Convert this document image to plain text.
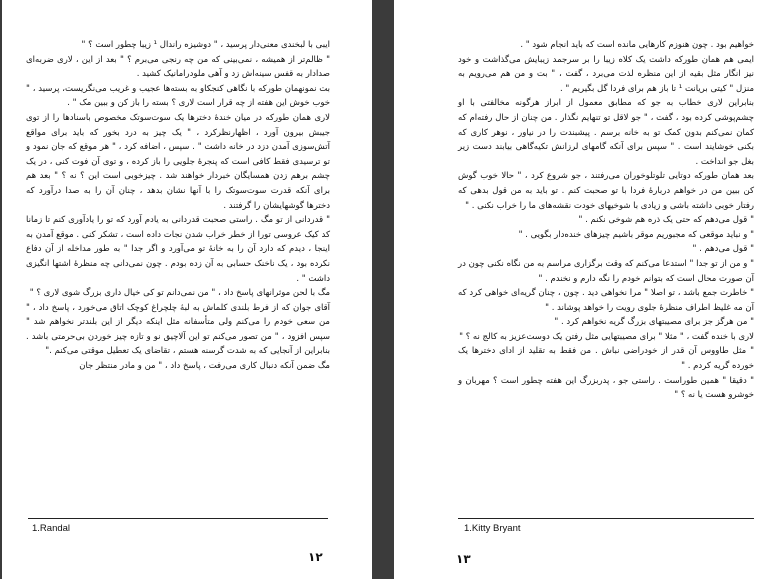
ایبی با لبخندی معنی‌دار پرسید ، " دوشیزه راندال ¹ زیبا چطور است ؟ "

" ظالم‌تر از همیشه ، نمی‌بینی که من چه رنجی می‌برم ؟ " بعد از این ، لاری ضربه‌ای صدادار به قفس سینه‌اش زد و آهی ملودرامانیک کشید .

بت نمونهمان طورکه با نگاهی کنجکاو به بسته‌ها عجیب و غریب می‌نگریست، پرسید ، " خوب خوش این هفته از چه قرار است لاری ؟ بسته را باز کن و ببین مک " .

لاری همان طورکه در میان خنده‌ٔ دخترها یک سوت‌سوتک مخصوص باسنادها را از توی جیبش بیرون آورد ، اظهارنظرکرد ، " یک چیز به درد بخور که باید برای مواقع آتش‌سوزی آمدن دزد در خانه داشت " . سپس ، اضافه کرد ، " هر موقع که جان نمود و تو ترسیدی فقط کافی است که پنجره‌ٔ جلویی را باز کرده ، و توی آن فوت کنی ، در یک چشم برهم زدن همسایگان خبردار خواهند شد . چیزخوبی است این ؟ نه ؟ " بعد هم برای آنکه قدرت سوت‌سوتک را با آنها نشان بدهد ، چنان آن را به صدا درآورد که دخترها گوشهایشان را گرفتند .

" قدردانی از تو مگ . راستی صحبت قدردانی به یادم آورد که تو را یادآوری کنم تا زمانا کد کیک عروسی تورا از خطر خراب شدن نجات داده است ، تشکر کنی . موقع آمدن به اینجا ، دیدم که دارد آن را به خانه‌ٔ تو می‌آورد و اگر جدا " به طور مداخله از آن دفاع نکرده بود ، یک ناخنک حسابی به آن زده بودم . چون نمی‌دانی چه منظره‌ٔ اشتها انگیزی داشت " .

مگ با لحن موثرانهای پاسخ داد ، " من نمی‌دانم تو کی خیال داری بزرگ شوی لاری ؟ "

آقای جوان که از فرط بلندی کلماش به لبهٔ چلچراغ کوچک اتاق می‌خورد ، پاسخ داد ، " من سعی خودم را می‌کنم ولی متأسفانه مثل اینکه دیگر از این بلندتر نخواهم شد " سپس افزود ، " من تصور می‌کنم تو این آلاچیق نو و تازه چیز خوردن بی‌حرمتی باشد . بنابراین از آنجایی که به شدت گرسنه هستم ، تقاضای یک تعطیل موقتی می‌کنم ."

مگ ضمن آنکه دنبال کاری می‌رفت ، پاسخ داد ، " من و مادر منتظر جان

1.Randal
۱۲

خواهیم بود . چون هنوزم کارهایی مانده است که باید انجام شود " .

ایمی هم همان طورکه داشت یک کلاه زیبا را بر سرجمد زیبایش می‌گذاشت و خود نیز انگار مثل بقیه از این منظره لذت می‌برد ، گفت ، " بت و من هم می‌رویم به منزل " کیتی بریانت ¹ تا باز هم برای فردا گل بگیریم " .

بنابراین لاری خطاب به جو که مطابق معمول از ابراز هرگونه مخالفتی با او چشم‌پوشی کرده بود ، گفت ، " جو لاقل تو تنهایم نگذار . من چنان از حال رفته‌ام که کمان نمی‌کنم بدون کمک تو به خانه برسم . پیشبندت را در نیاور ، نوهر کاری که بکنی خوشایند است . " سپس برای آنکه گامهای لرزانش تکیه‌گاهی بیابند دست زیر بغل جو انداخت .

بعد همان طورکه دوتایی تلوتلوخوران می‌رفتند ، جو شروع کرد ، " حالا خوب گوش کن ببین من در خواهم درباره‌ٔ فردا با تو صحبت کنم . تو باید به من قول بدهی که رفتار خوبی داشته باشی و زیادی با شوخیهای خودت نقشه‌های ما را خراب نکنی . "

" قول می‌دهم که حتی یک ذره هم شوخی نکنم . "

" و نباید موقعی که مجبوریم موقر باشیم چیزهای خنده‌دار بگویی . "

" قول می‌دهم . "

" و من از تو جدا " استدعا می‌کنم که وقت برگزاری مراسم به من نگاه نکنی چون در آن صورت محال است که بتوانم خودم را نگه دارم و نخندم . "

" خاطرت جمع باشد ، تو اصلا " مرا نخواهی دید . چون ، چنان گریه‌ای خواهی کرد که آن مه غلیظ اطراف منظره‌ٔ جلوی رویت را خواهد پوشاند . "

" من هرگز جز برای مصیبتهای بزرگ گریه نخواهم کرد . "

لاری با خنده گفت ، " مثلا " برای مصیبتهایی مثل رفتن یک دوست‌عزیز به کالج نه ؟ "

" مثل طاووس آن قدر از خودراضی نباش . من فقط به تقلید از ادای دخترها یک خورده گریه کردم . "

" دقیقا " همین طوراست . راستی جو ، پدربزرگ این هفته چطور است ؟ مهربان و خوشرو هست یا نه ؟ "

1.Kitty Bryant
۱۳
